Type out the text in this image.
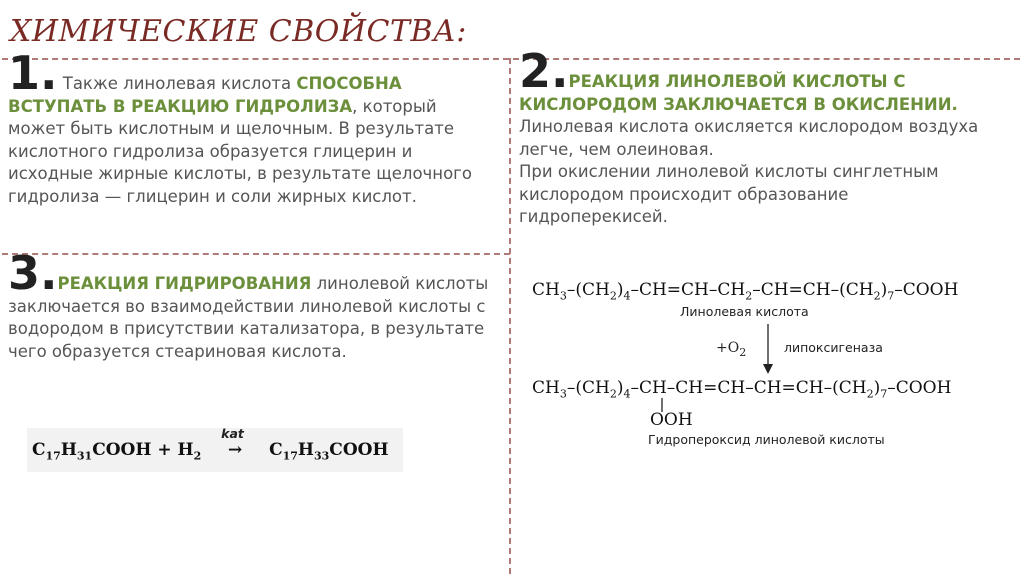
ХИМИЧЕСКИЕ СВОЙСТВА:
1. Также линолевая кислота СПОСОБНА ВСТУПАТЬ В РЕАКЦИЮ ГИДРОЛИЗА, который может быть кислотным и щелочным. В результате кислотного гидролиза образуется глицерин и исходные жирные кислоты, в результате щелочного гидролиза — глицерин и соли жирных кислот.
2.РЕАКЦИЯ ЛИНОЛЕВОЙ КИСЛОТЫ С КИСЛОРОДОМ ЗАКЛЮЧАЕТСЯ В ОКИСЛЕНИИ.
Линолевая кислота окисляется кислородом воздуха легче, чем олеиновая.
При окислении линолевой кислоты синглетным кислородом происходит образование гидроперекисей.
3.РЕАКЦИЯ ГИДРИРОВАНИЯ линолевой кислоты заключается во взаимодействии линолевой кислоты с водородом в присутствии катализатора, в результате чего образуется стеариновая кислота.
$C_{17}H_{31}COOH + H_2$
kat
→ $C_{17}H_{33}COOH$
$CH_3-(CH_2)_4-CH=CH-CH_2-CH=CH-(CH_2)_7$–COOH
Линолевая кислота
$+O_2$	липоксигеназа
$CH_3-(CH_2)_4-CH-CH=CH-CH=CH-(CH_2)_7$–COOH
OOH
Гидропероксид линолевой кислоты
